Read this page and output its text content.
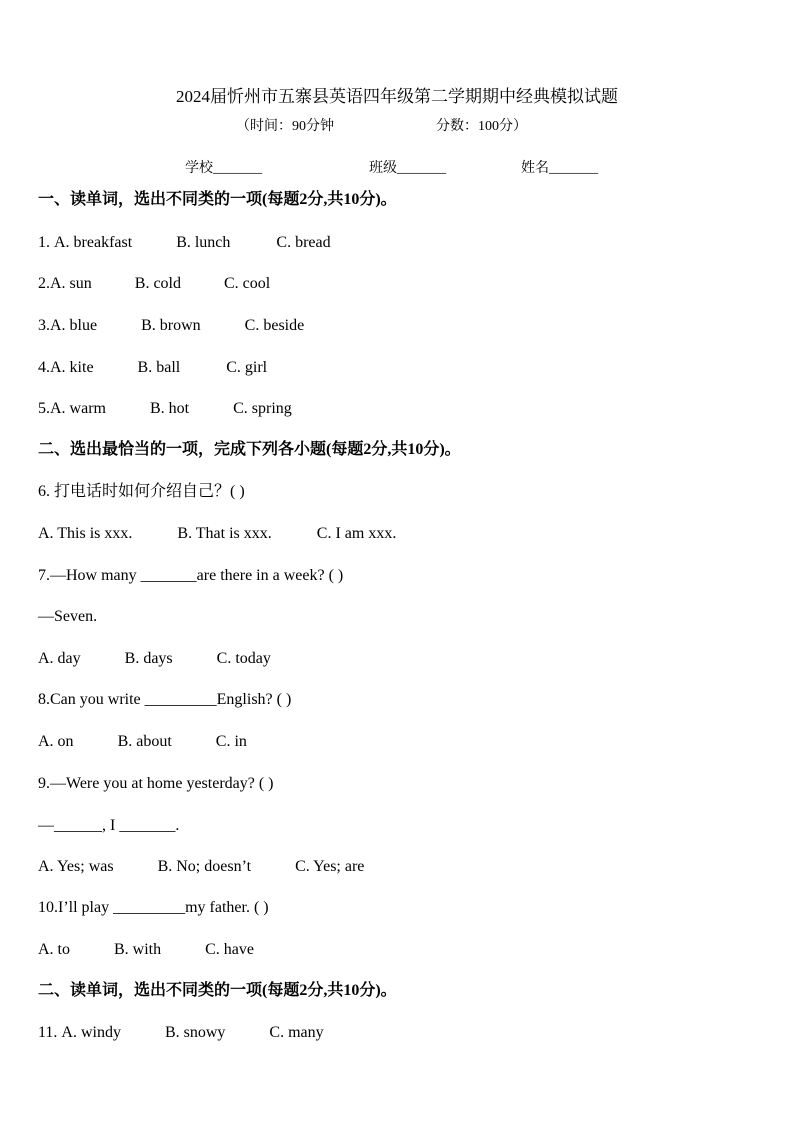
2024届忻州市五寨县英语四年级第二学期期中经典模拟试题
（时间：90分钟	分数：100分）
学校_______	班级_______	姓名_______
一、读单词，选出不同类的一项(每题2分,共10分)。
1. A. breakfast	B. lunch	C. bread
2.A. sun	B. cold	C. cool
3.A. blue	B. brown	C. beside
4.A. kite	B. ball	C. girl
5.A. warm	B. hot	C. spring
二、选出最恰当的一项，完成下列各小题(每题2分,共10分)。
6. 打电话时如何介绍自己？( )
A. This is xxx.	B. That is xxx.	C. I am xxx.
7.—How many _______are there in a week? ( )
—Seven.
A. day	B. days	C. today
8.Can you write _________English? ( )
A. on	B. about	C. in
9.—Were you at home yesterday? ( )
—______, I _______.
A. Yes; was	B. No; doesn’t	C. Yes; are
10.I’ll play _________my father. ( )
A. to	B. with	C. have
二、读单词，选出不同类的一项(每题2分,共10分)。
11. A. windy	B. snowy	C. many
